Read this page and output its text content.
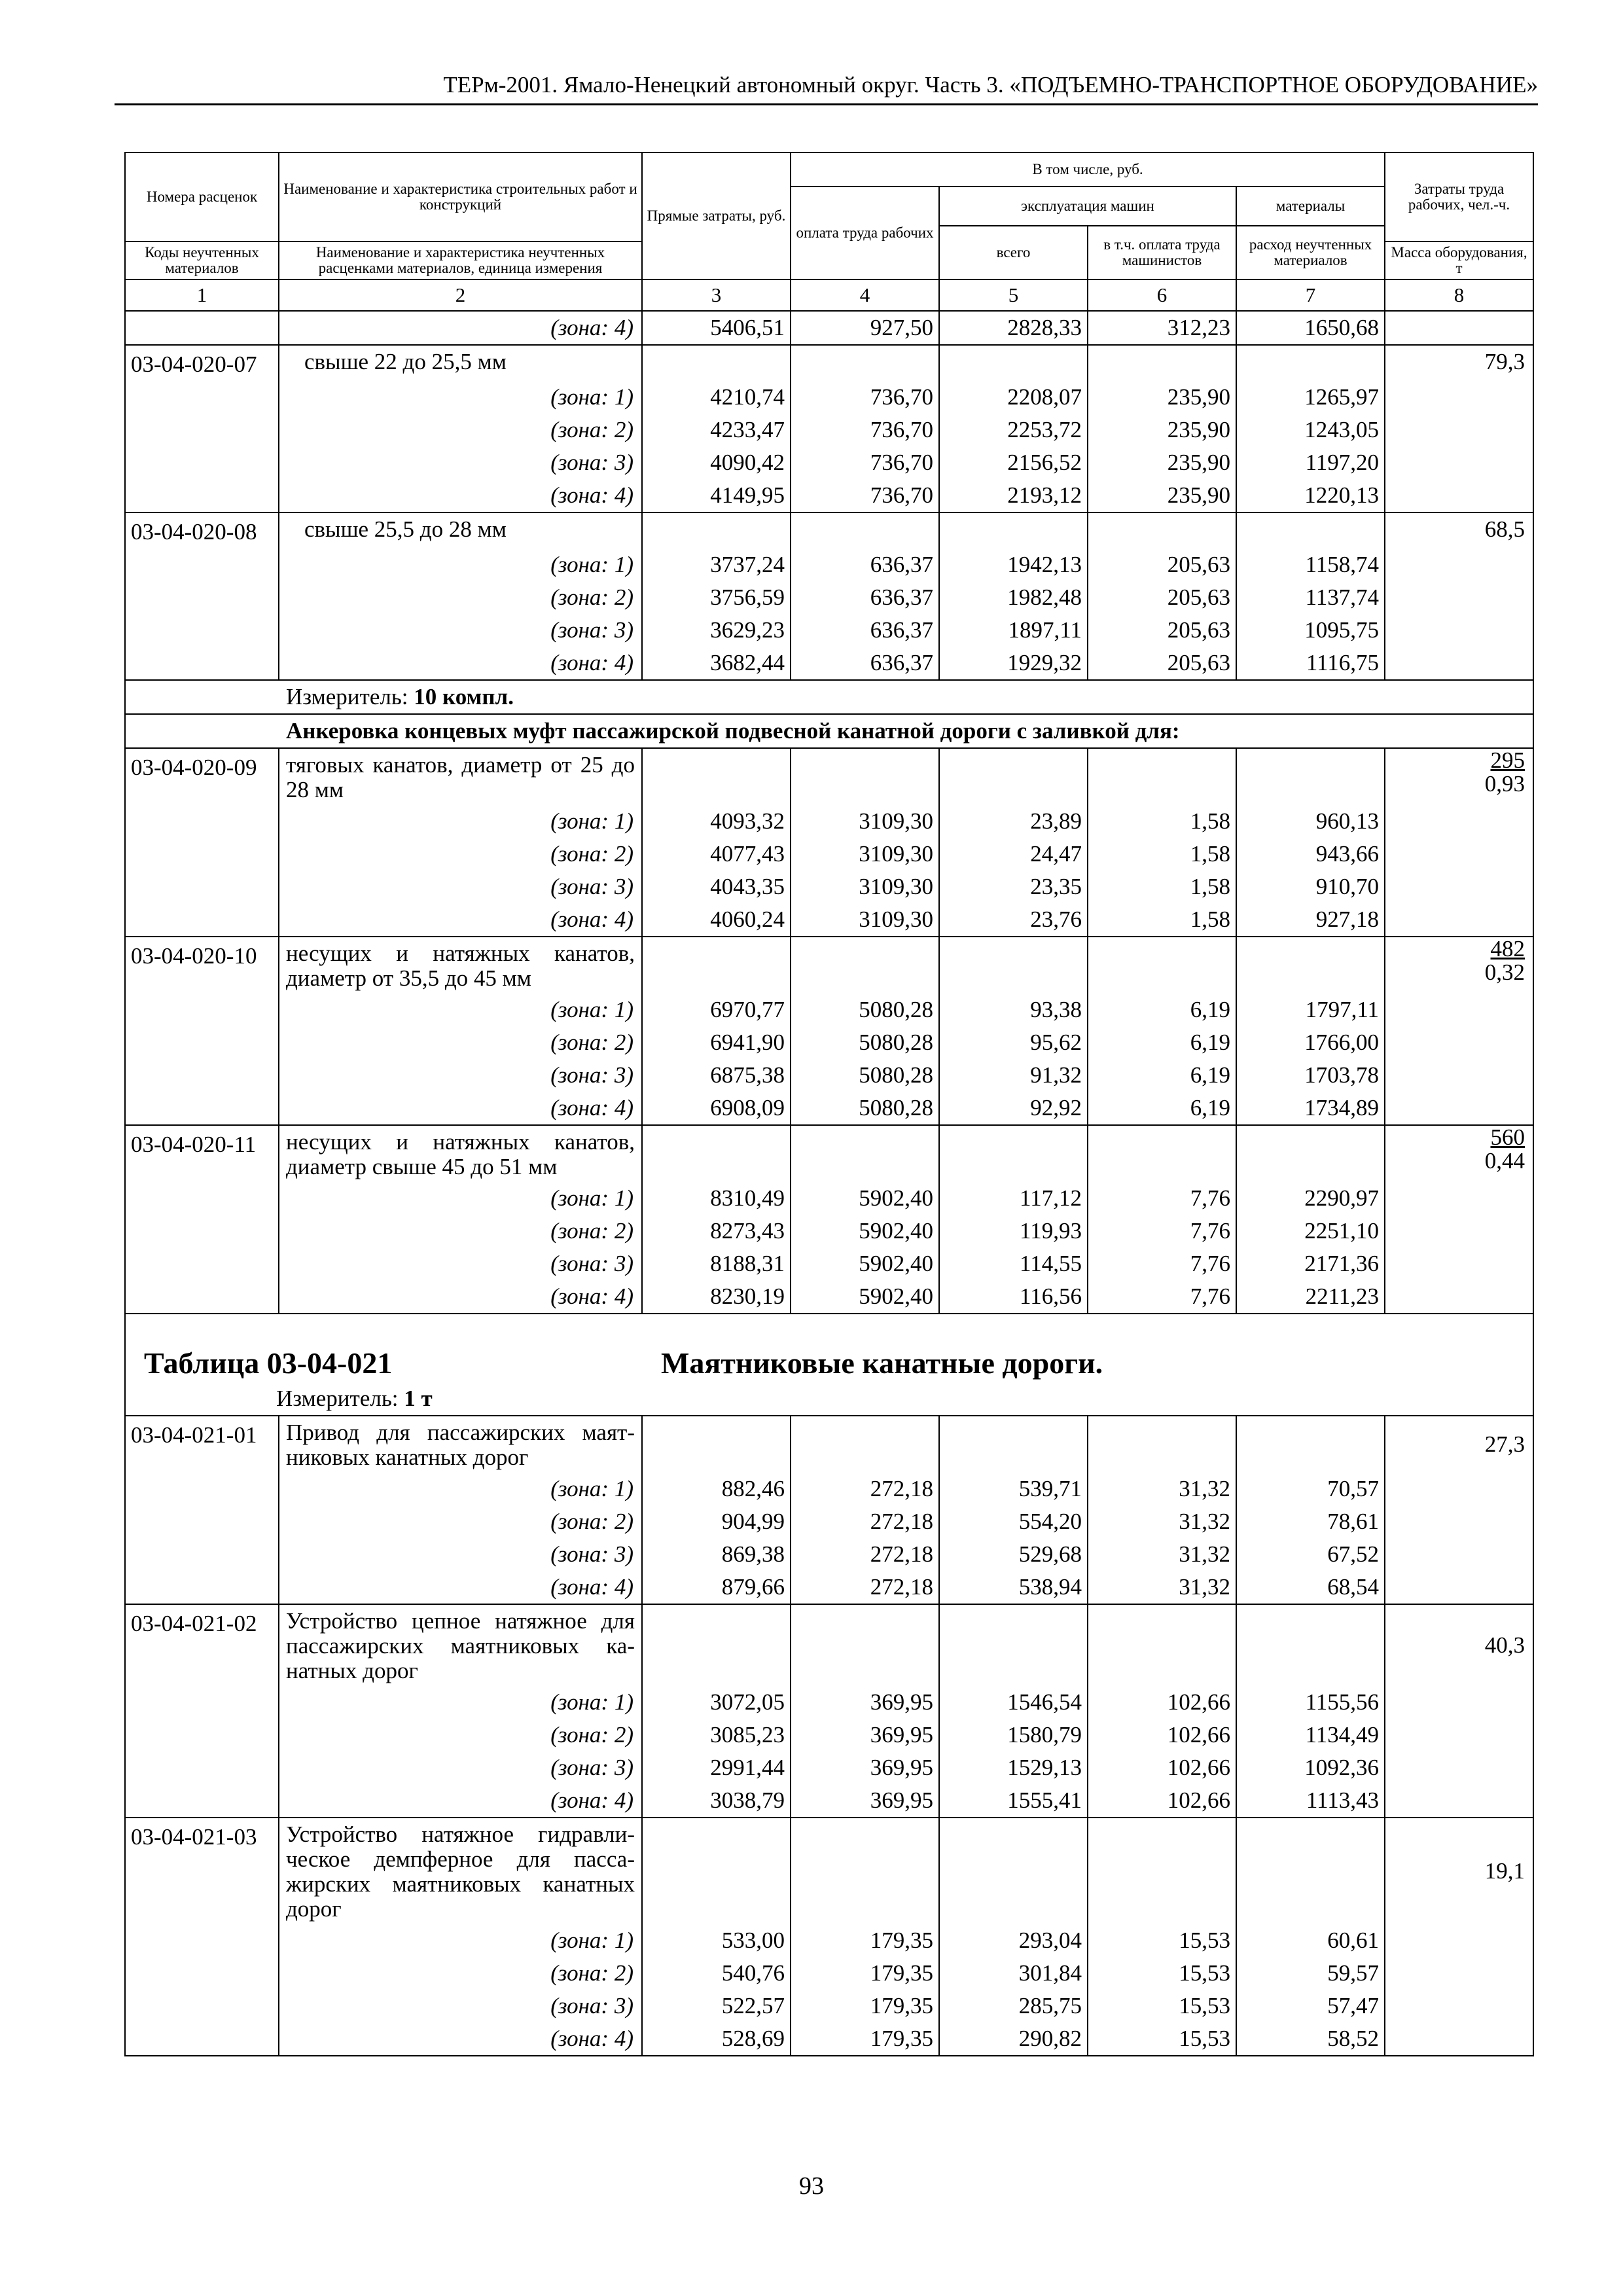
ТЕРм-2001. Ямало-Ненецкий автономный округ. Часть 3. «ПОДЪЕМНО-ТРАНСПОРТНОЕ ОБОРУДОВАНИЕ»
Номера расценок	Наименование и характеристика строительных работ и конструкций	Прямые затраты, руб.	В том числе, руб.				Затраты труда рабочих, чел.-ч.
			оплата труда рабочих	эксплуатация машин		материалы	
				всего	в т.ч. оплата труда машинистов	расход неучтенных материалов	
Коды неучтенных материалов	Наименование и характеристика неучтенных расценками материалов, единица измерения						Масса оборудования, т

1	2	3	4	5	6	7	8
	(зона: 4)	5406,51	927,50	2828,33	312,23	1650,68	
03-04-020-07	свыше 22 до 25,5 мм						79,3
	(зона: 1)	4210,74	736,70	2208,07	235,90	1265,97	
	(зона: 2)	4233,47	736,70	2253,72	235,90	1243,05	
	(зона: 3)	4090,42	736,70	2156,52	235,90	1197,20	
	(зона: 4)	4149,95	736,70	2193,12	235,90	1220,13	
03-04-020-08	свыше 25,5 до 28 мм						68,5
	(зона: 1)	3737,24	636,37	1942,13	205,63	1158,74	
	(зона: 2)	3756,59	636,37	1982,48	205,63	1137,74	
	(зона: 3)	3629,23	636,37	1897,11	205,63	1095,75	
	(зона: 4)	3682,44	636,37	1929,32	205,63	1116,75	
Измеритель: 10 компл.							
Анкеровка концевых муфт пассажирской подвесной канатной дороги с заливкой для:							
03-04-020-09	тяговых канатов, диаметр от 25 до 28 мм						295
0,93

	(зона: 1)	4093,32	3109,30	23,89	1,58	960,13	
	(зона: 2)	4077,43	3109,30	24,47	1,58	943,66	
	(зона: 3)	4043,35	3109,30	23,35	1,58	910,70	
	(зона: 4)	4060,24	3109,30	23,76	1,58	927,18	
03-04-020-10	несущих и натяжных канатов, диаметр от 35,5 до 45 мм						482
0,32

	(зона: 1)	6970,77	5080,28	93,38	6,19	1797,11	
	(зона: 2)	6941,90	5080,28	95,62	6,19	1766,00	
	(зона: 3)	6875,38	5080,28	91,32	6,19	1703,78	
	(зона: 4)	6908,09	5080,28	92,92	6,19	1734,89	
03-04-020-11	несущих и натяжных канатов, диаметр свыше 45 до 51 мм						560
0,44

	(зона: 1)	8310,49	5902,40	117,12	7,76	2290,97	
	(зона: 2)	8273,43	5902,40	119,93	7,76	2251,10	
	(зона: 3)	8188,31	5902,40	114,55	7,76	2171,36	
	(зона: 4)	8230,19	5902,40	116,56	7,76	2211,23	
Таблица 03-04-021 Маятниковые канатные дороги.
Измеритель: 1 т							

03-04-021-01	Привод для пассажирских маятниковых канатных дорог						27,3
	(зона: 1)	882,46	272,18	539,71	31,32	70,57	
	(зона: 2)	904,99	272,18	554,20	31,32	78,61	
	(зона: 3)	869,38	272,18	529,68	31,32	67,52	
	(зона: 4)	879,66	272,18	538,94	31,32	68,54	
03-04-021-02	Устройство цепное натяжное для пассажирских маятниковых канатных дорог						40,3
	(зона: 1)	3072,05	369,95	1546,54	102,66	1155,56	
	(зона: 2)	3085,23	369,95	1580,79	102,66	1134,49	
	(зона: 3)	2991,44	369,95	1529,13	102,66	1092,36	
	(зона: 4)	3038,79	369,95	1555,41	102,66	1113,43	
03-04-021-03	Устройство натяжное гидравлическое демпферное для пассажирских маятниковых канатных дорог						19,1
	(зона: 1)	533,00	179,35	293,04	15,53	60,61	
	(зона: 2)	540,76	179,35	301,84	15,53	59,57	
	(зона: 3)	522,57	179,35	285,75	15,53	57,47	
	(зона: 4)	528,69	179,35	290,82	15,53	58,52	
93
